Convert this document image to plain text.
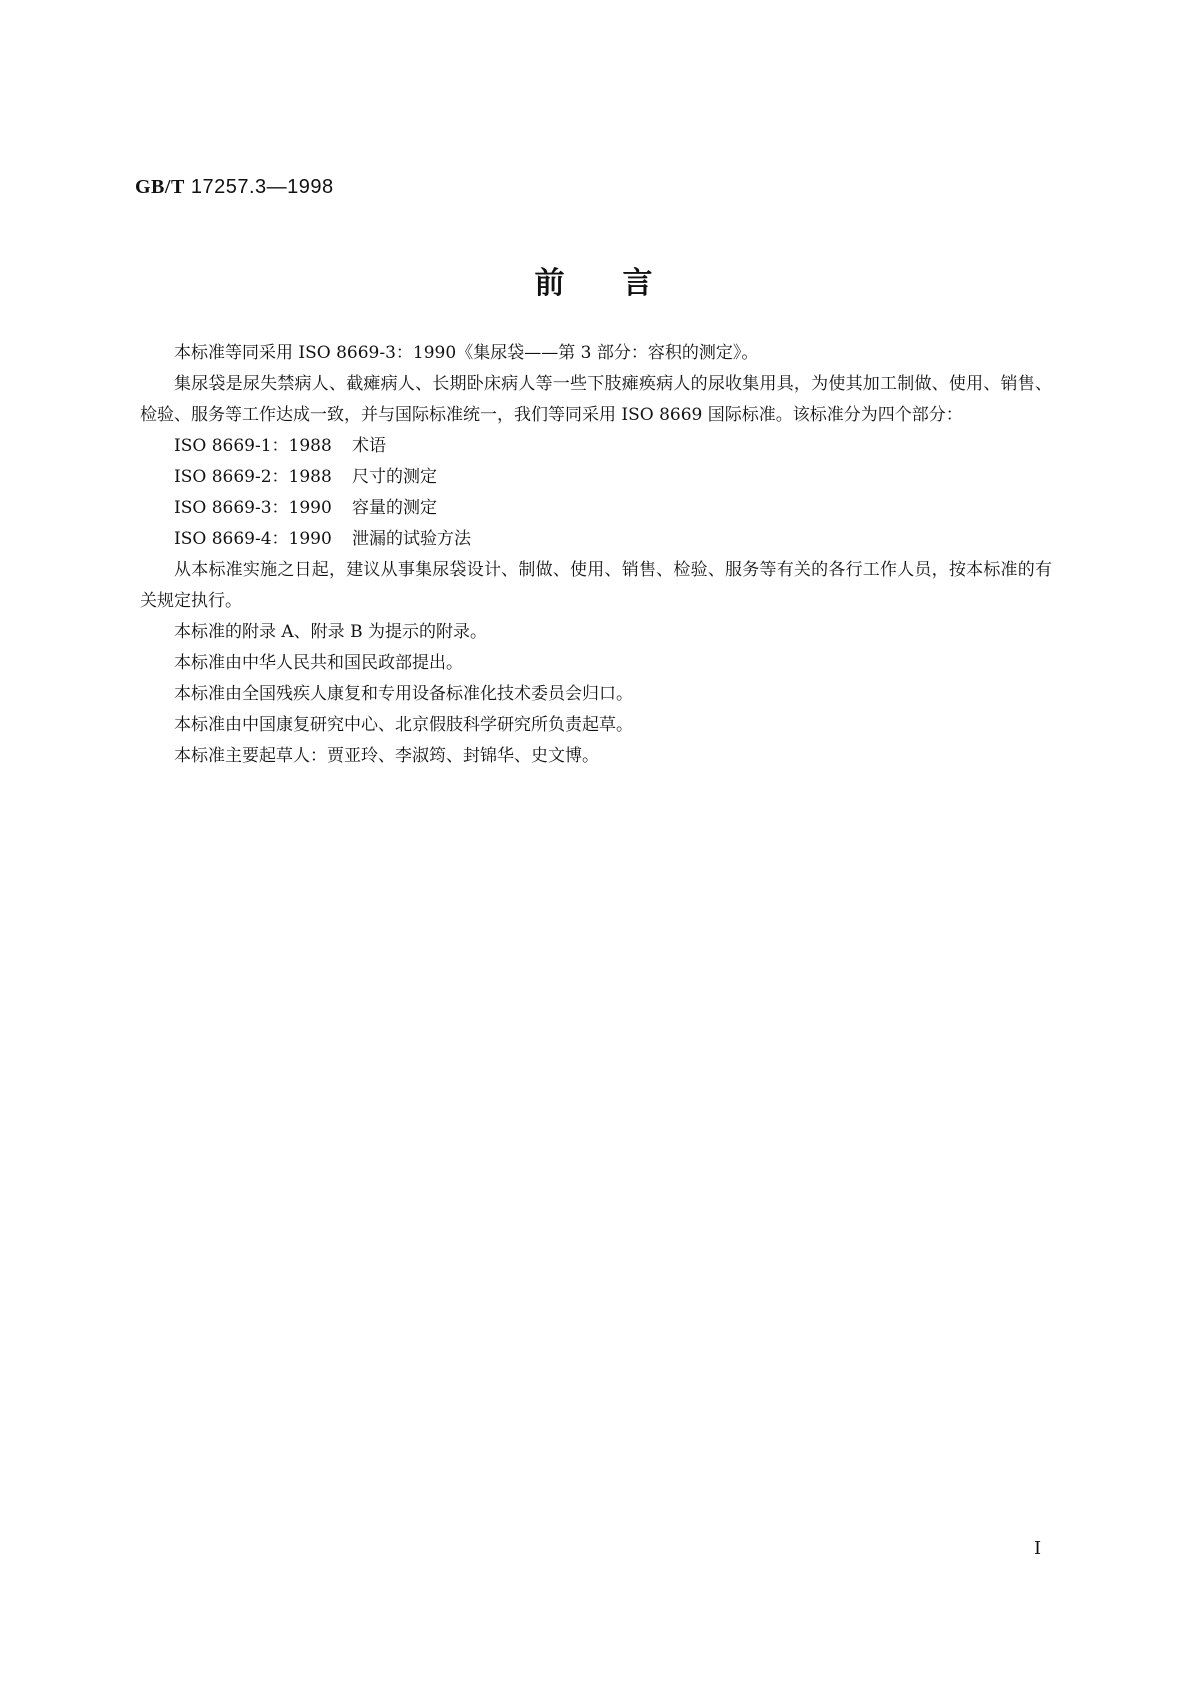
GB/T 17257.3—1998
前言

本标准等同采用 ISO 8669-3：1990《集尿袋——第 3 部分：容积的测定》。

集尿袋是尿失禁病人、截瘫病人、长期卧床病人等一些下肢瘫痪病人的尿收集用具，为使其加工制做、使用、销售、检验、服务等工作达成一致，并与国际标准统一，我们等同采用 ISO 8669 国际标准。该标准分为四个部分：

ISO 8669-1：1988 术语

ISO 8669-2：1988 尺寸的测定

ISO 8669-3：1990 容量的测定

ISO 8669-4：1990 泄漏的试验方法

从本标准实施之日起，建议从事集尿袋设计、制做、使用、销售、检验、服务等有关的各行工作人员，按本标准的有关规定执行。

本标准的附录 A、附录 B 为提示的附录。

本标准由中华人民共和国民政部提出。

本标准由全国残疾人康复和专用设备标准化技术委员会归口。

本标准由中国康复研究中心、北京假肢科学研究所负责起草。

本标准主要起草人：贾亚玲、李淑筠、封锦华、史文博。

I
